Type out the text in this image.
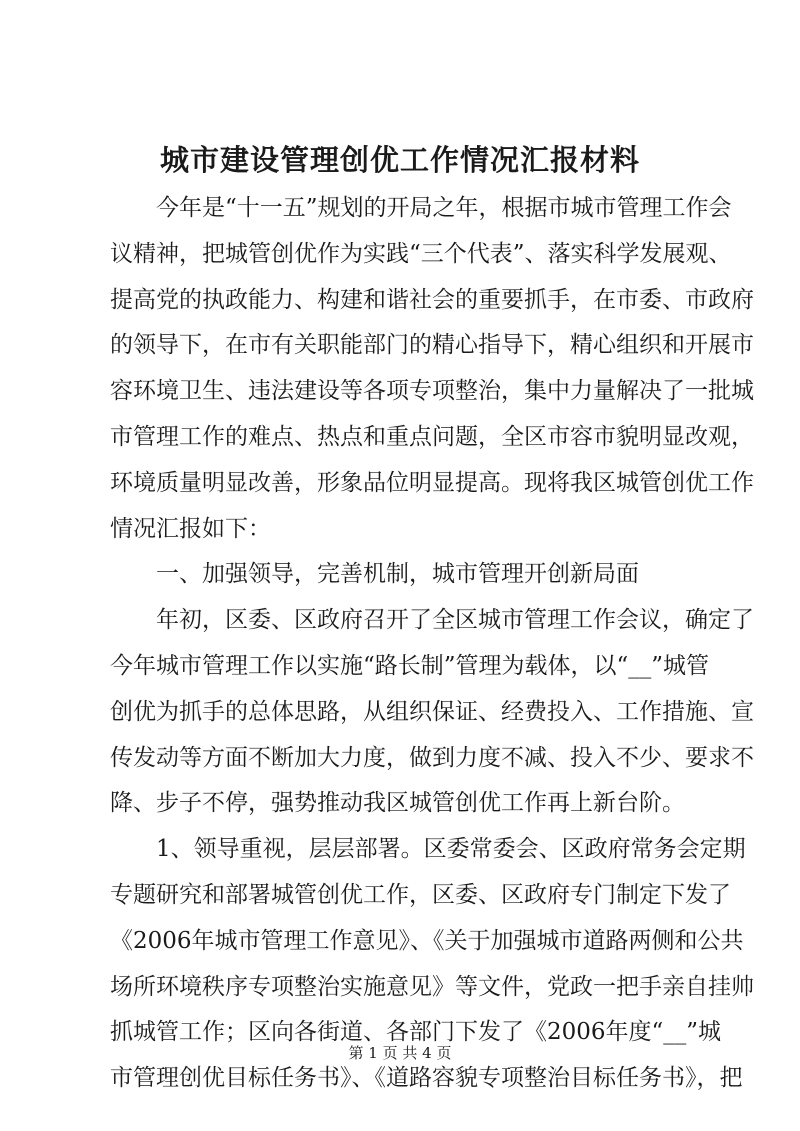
城市建设管理创优工作情况汇报材料
今年是“十一五”规划的开局之年，根据市城市管理工作会
议精神，把城管创优作为实践“三个代表”、落实科学发展观、
提高党的执政能力、构建和谐社会的重要抓手，在市委、市政府
的领导下，在市有关职能部门的精心指导下，精心组织和开展市
容环境卫生、违法建设等各项专项整治，集中力量解决了一批城
市管理工作的难点、热点和重点问题，全区市容市貌明显改观，
环境质量明显改善，形象品位明显提高。现将我区城管创优工作
情况汇报如下：
一、加强领导，完善机制，城市管理开创新局面
年初，区委、区政府召开了全区城市管理工作会议，确定了
今年城市管理工作以实施“路长制”管理为载体，以“__”城管
创优为抓手的总体思路，从组织保证、经费投入、工作措施、宣
传发动等方面不断加大力度，做到力度不减、投入不少、要求不
降、步子不停，强势推动我区城管创优工作再上新台阶。
1、领导重视，层层部署。区委常委会、区政府常务会定期
专题研究和部署城管创优工作，区委、区政府专门制定下发了
《2006年城市管理工作意见》、《关于加强城市道路两侧和公共
场所环境秩序专项整治实施意见》等文件，党政一把手亲自挂帅
抓城管工作；区向各街道、各部门下发了《2006年度“__”城
市管理创优目标任务书》、《道路容貌专项整治目标任务书》，把
第 1 页 共 4 页
